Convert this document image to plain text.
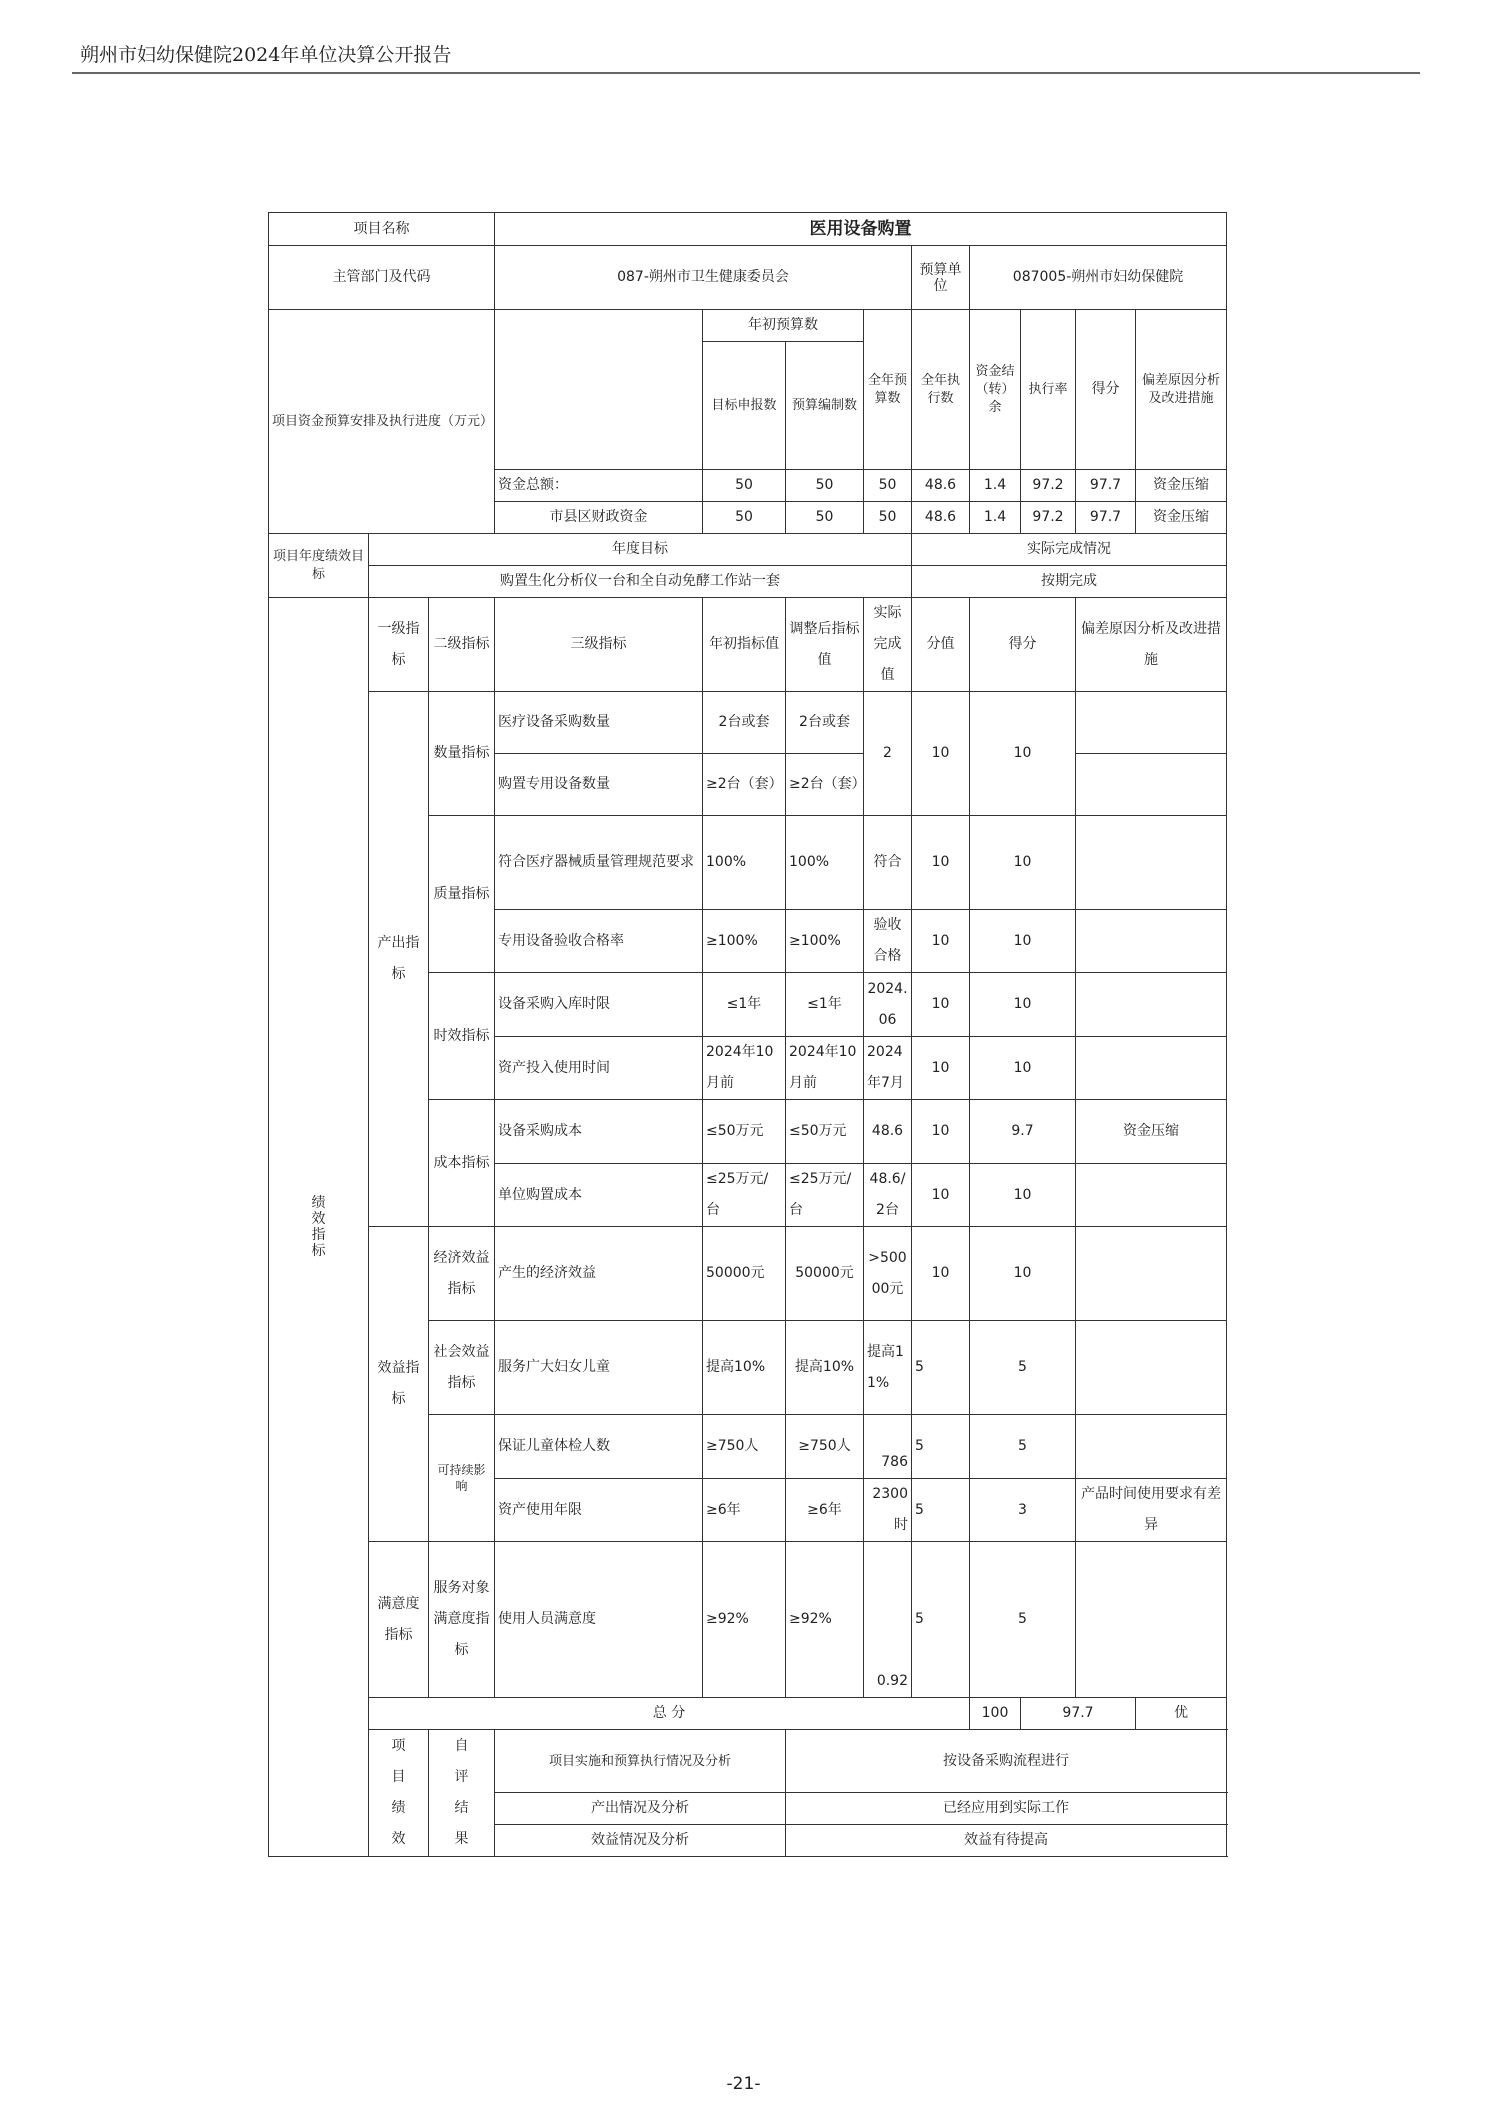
朔州市妇幼保健院2024年单位决算公开报告
项目名称			医用设备购置								
主管部门及代码			087-朔州市卫生健康委员会				预算单位	087005-朔州市妇幼保健院			
项目资金预算安排及执行进度（万元）				年初预算数		全年预算数	全年执行数	资金结（转）余	执行率	得分	偏差原因分析及改进措施
				目标申报数	预算编制数						
			资金总额：	50	50	50	48.6	1.4	97.2	97.7	资金压缩
			市县区财政资金	50	50	50	48.6	1.4	97.2	97.7	资金压缩
项目年度绩效目标	年度目标						实际完成情况				
	购置生化分析仪一台和全自动免酵工作站一套						按期完成				
绩效指标	一级指标	二级指标	三级指标	年初指标值	调整后指标值	实际完成值	分值	得分		偏差原因分析及改进措施	
	产出指标	数量指标	医疗设备采购数量	2台或套	2台或套	2	10	10			
			购置专用设备数量	≥2台（套）	≥2台（套）						
		质量指标	符合医疗器械质量管理规范要求	100%	100%	符合	10	10			
			专用设备验收合格率	≥100%	≥100%	验收合格	10	10			
		时效指标	设备采购入库时限	≤1年	≤1年	2024.06	10	10			
			资产投入使用时间	2024年10月前	2024年10月前	2024年7月	10	10			
		成本指标	设备采购成本	≤50万元	≤50万元	48.6	10	9.7		资金压缩	
			单位购置成本	≤25万元/台	≤25万元/台	48.6/2台	10	10			
	效益指标	经济效益指标	产生的经济效益	50000元	50000元	>50000元	10	10			
		社会效益指标	服务广大妇女儿童	提高10%	提高10%	提高11%	5	5			
		可持续影响	保证儿童体检人数	≥750人	≥750人	786	5	5			
			资产使用年限	≥6年	≥6年	2300时	5	3		产品时间使用要求有差异	
	满意度指标	服务对象满意度指标	使用人员满意度	≥92%	≥92%	0.92	5	5			
	总 分							100	97.7		优
	项目绩效	自评结果	项目实施和预算执行情况及分析		按设备采购流程进行						
			产出情况及分析		已经应用到实际工作						
			效益情况及分析		效益有待提高						
-21-
